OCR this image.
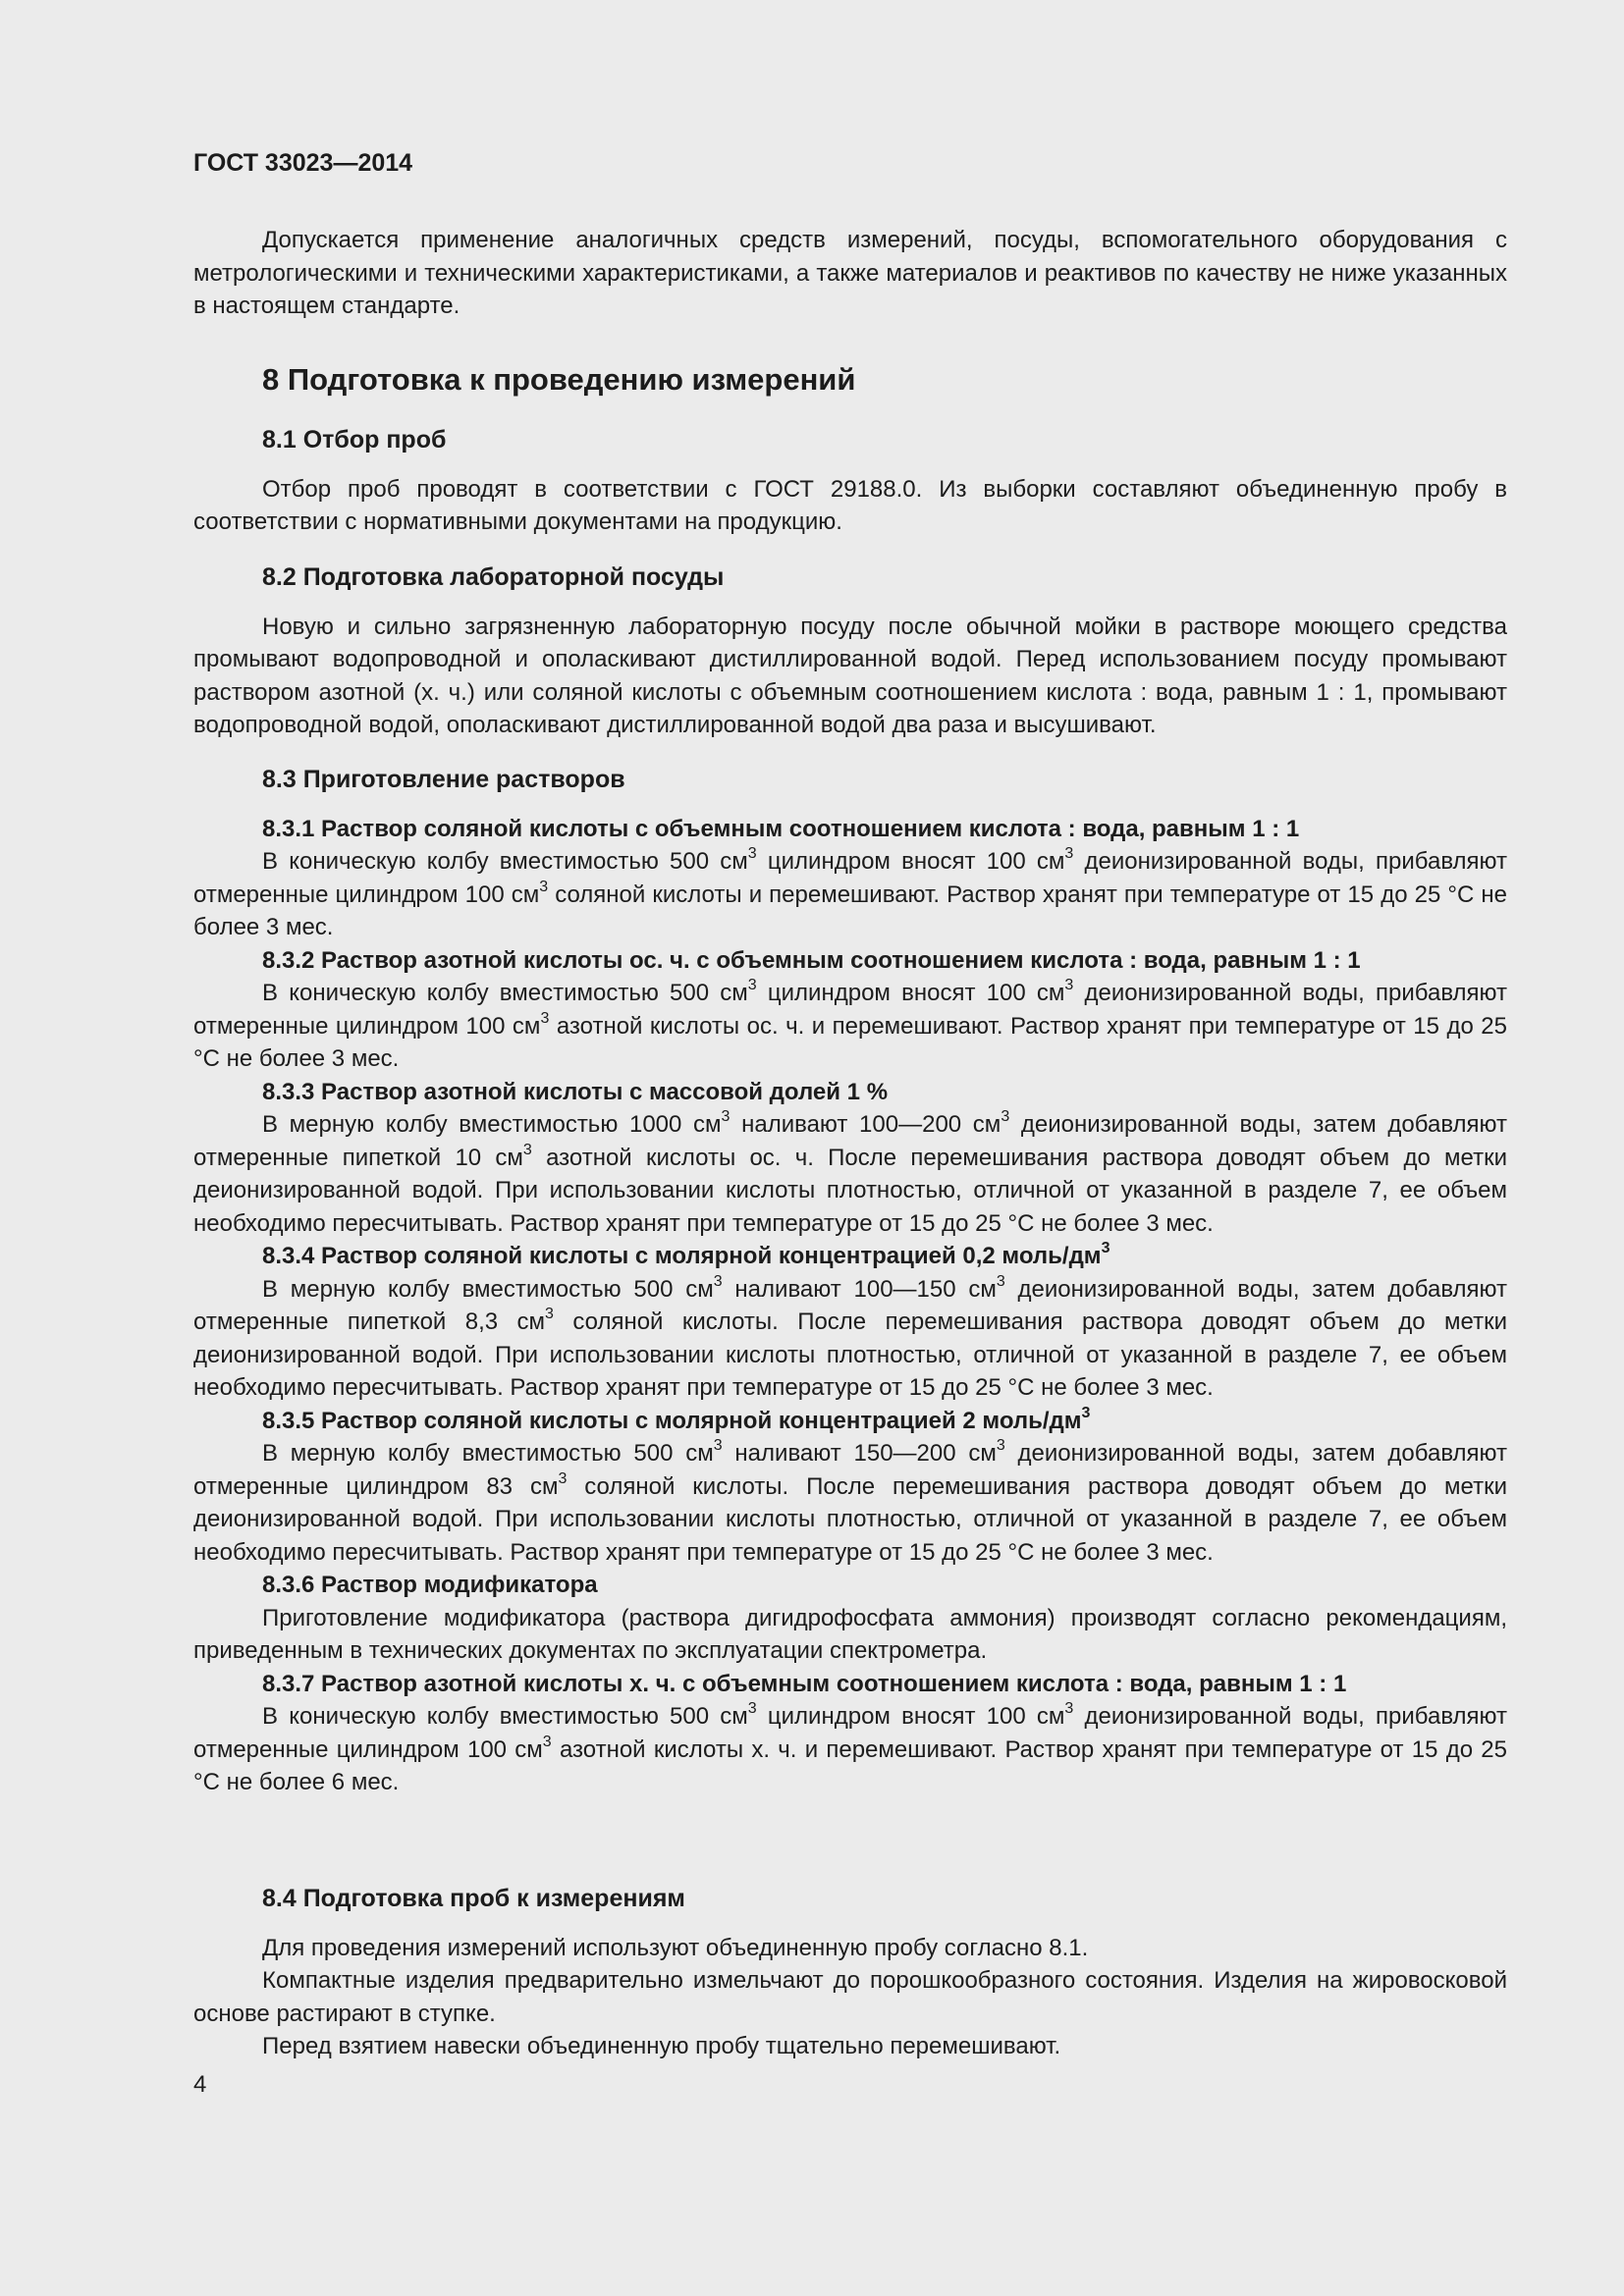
ГОСТ 33023—2014

Допускается применение аналогичных средств измерений, посуды, вспомогательного оборудования с метрологическими и техническими характеристиками, а также материалов и реактивов по качеству не ниже указанных в настоящем стандарте.

8 Подготовка к проведению измерений

8.1 Отбор проб

Отбор проб проводят в соответствии с ГОСТ 29188.0. Из выборки составляют объединенную пробу в соответствии с нормативными документами на продукцию.

8.2 Подготовка лабораторной посуды

Новую и сильно загрязненную лабораторную посуду после обычной мойки в растворе моющего средства промывают водопроводной и ополаскивают дистиллированной водой. Перед использованием посуду промывают раствором азотной (х. ч.) или соляной кислоты с объемным соотношением кислота : вода, равным 1 : 1, промывают водопроводной водой, ополаскивают дистиллированной водой два раза и высушивают.

8.3 Приготовление растворов

8.3.1 Раствор соляной кислоты с объемным соотношением кислота : вода, равным 1 : 1

В коническую колбу вместимостью 500 $см^3$ цилиндром вносят 100 $см^3$ деионизированной воды, прибавляют отмеренные цилиндром 100 $см^3$ соляной кислоты и перемешивают. Раствор хранят при температуре от 15 до 25 °С не более 3 мес.

8.3.2 Раствор азотной кислоты ос. ч. с объемным соотношением кислота : вода, равным 1 : 1

В коническую колбу вместимостью 500 $см^3$ цилиндром вносят 100 $см^3$ деионизированной воды, прибавляют отмеренные цилиндром 100 $см^3$ азотной кислоты ос. ч. и перемешивают. Раствор хранят при температуре от 15 до 25 °С не более 3 мес.

8.3.3 Раствор азотной кислоты с массовой долей 1 %

В мерную колбу вместимостью 1000 $см^3$ наливают 100—200 $см^3$ деионизированной воды, затем добавляют отмеренные пипеткой 10 $см^3$ азотной кислоты ос. ч. После перемешивания раствора доводят объем до метки деионизированной водой. При использовании кислоты плотностью, отличной от указанной в разделе 7, ее объем необходимо пересчитывать. Раствор хранят при температуре от 15 до 25 °С не более 3 мес.

8.3.4 Раствор соляной кислоты с молярной концентрацией 0,2 моль/$дм^3$

В мерную колбу вместимостью 500 $см^3$ наливают 100—150 $см^3$ деионизированной воды, затем добавляют отмеренные пипеткой 8,3 $см^3$ соляной кислоты. После перемешивания раствора доводят объем до метки деионизированной водой. При использовании кислоты плотностью, отличной от указанной в разделе 7, ее объем необходимо пересчитывать. Раствор хранят при температуре от 15 до 25 °С не более 3 мес.

8.3.5 Раствор соляной кислоты с молярной концентрацией 2 моль/$дм^3$

В мерную колбу вместимостью 500 $см^3$ наливают 150—200 $см^3$ деионизированной воды, затем добавляют отмеренные цилиндром 83 $см^3$ соляной кислоты. После перемешивания раствора доводят объем до метки деионизированной водой. При использовании кислоты плотностью, отличной от указанной в разделе 7, ее объем необходимо пересчитывать. Раствор хранят при температуре от 15 до 25 °С не более 3 мес.

8.3.6 Раствор модификатора

Приготовление модификатора (раствора дигидрофосфата аммония) производят согласно рекомендациям, приведенным в технических документах по эксплуатации спектрометра.

8.3.7 Раствор азотной кислоты х. ч. с объемным соотношением кислота : вода, равным 1 : 1

В коническую колбу вместимостью 500 $см^3$ цилиндром вносят 100 $см^3$ деионизированной воды, прибавляют отмеренные цилиндром 100 $см^3$ азотной кислоты х. ч. и перемешивают. Раствор хранят при температуре от 15 до 25 °С не более 6 мес.

8.4 Подготовка проб к измерениям

Для проведения измерений используют объединенную пробу согласно 8.1.

Компактные изделия предварительно измельчают до порошкообразного состояния. Изделия на жировосковой основе растирают в ступке.

Перед взятием навески объединенную пробу тщательно перемешивают.

4
